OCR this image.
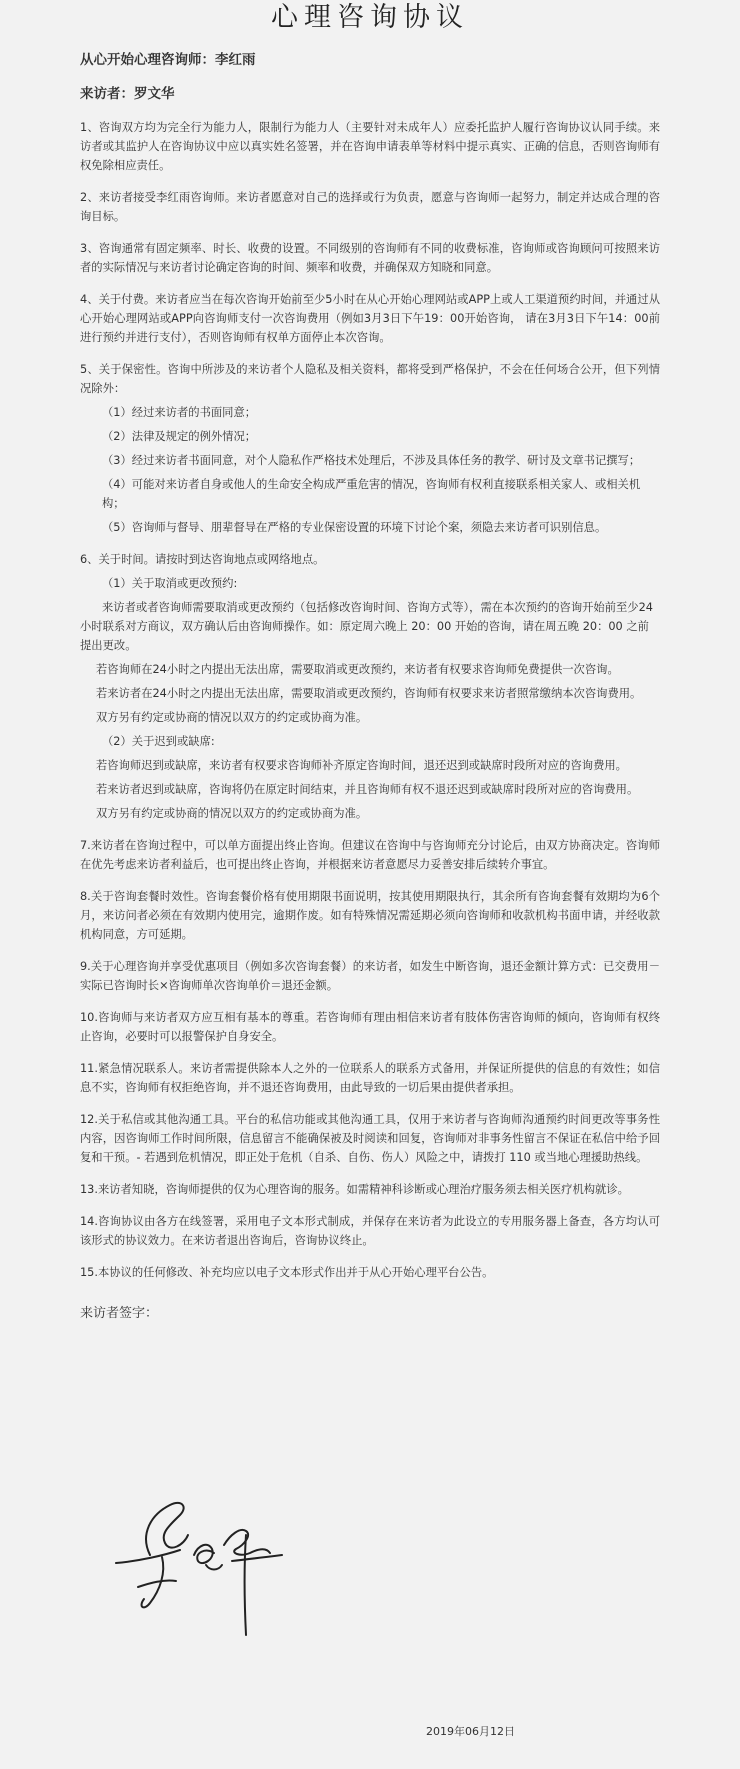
心理咨询协议
从心开始心理咨询师：李红雨
来访者：罗文华

1、咨询双方均为完全行为能力人，限制行为能力人（主要针对未成年人）应委托监护人履行咨询协议认同手续。来访者或其监护人在咨询协议中应以真实姓名签署，并在咨询申请表单等材料中提示真实、正确的信息，否则咨询师有权免除相应责任。

2、来访者接受李红雨咨询师。来访者愿意对自己的选择或行为负责，愿意与咨询师一起努力，制定并达成合理的咨询目标。

3、咨询通常有固定频率、时长、收费的设置。不同级别的咨询师有不同的收费标准，咨询师或咨询顾问可按照来访者的实际情况与来访者讨论确定咨询的时间、频率和收费，并确保双方知晓和同意。

4、关于付费。来访者应当在每次咨询开始前至少5小时在从心开始心理网站或APP上或人工渠道预约时间，并通过从心开始心理网站或APP向咨询师支付一次咨询费用（例如3月3日下午19：00开始咨询， 请在3月3日下午14：00前进行预约并进行支付），否则咨询师有权单方面停止本次咨询。

5、关于保密性。咨询中所涉及的来访者个人隐私及相关资料，都将受到严格保护，不会在任何场合公开，但下列情况除外：

（1）经过来访者的书面同意；
（2）法律及规定的例外情况；
（3）经过来访者书面同意，对个人隐私作严格技术处理后，不涉及具体任务的教学、研讨及文章书记撰写；
（4）可能对来访者自身或他人的生命安全构成严重危害的情况，咨询师有权利直接联系相关家人、或相关机构；
（5）咨询师与督导、朋辈督导在严格的专业保密设置的环境下讨论个案，须隐去来访者可识别信息。

6、关于时间。请按时到达咨询地点或网络地点。

（1）关于取消或更改预约:
来访者或者咨询师需要取消或更改预约（包括修改咨询时间、咨询方式等），需在本次预约的咨询开始前至少24小时联系对方商议，双方确认后由咨询师操作。如：原定周六晚上 20：00 开始的咨询，请在周五晚 20：00 之前提出更改。
若咨询师在24小时之内提出无法出席，需要取消或更改预约，来访者有权要求咨询师免费提供一次咨询。
若来访者在24小时之内提出无法出席，需要取消或更改预约，咨询师有权要求来访者照常缴纳本次咨询费用。
双方另有约定或协商的情况以双方的约定或协商为准。
（2）关于迟到或缺席:
若咨询师迟到或缺席，来访者有权要求咨询师补齐原定咨询时间，退还迟到或缺席时段所对应的咨询费用。
若来访者迟到或缺席，咨询将仍在原定时间结束，并且咨询师有权不退还迟到或缺席时段所对应的咨询费用。
双方另有约定或协商的情况以双方的约定或协商为准。

7.来访者在咨询过程中，可以单方面提出终止咨询。但建议在咨询中与咨询师充分讨论后，由双方协商决定。咨询师在优先考虑来访者利益后，也可提出终止咨询，并根据来访者意愿尽力妥善安排后续转介事宜。

8.关于咨询套餐时效性。咨询套餐价格有使用期限书面说明，按其使用期限执行，其余所有咨询套餐有效期均为6个月，来访问者必须在有效期内使用完，逾期作废。如有特殊情况需延期必须向咨询师和收款机构书面申请，并经收款机构同意，方可延期。

9.关于心理咨询并享受优惠项目（例如多次咨询套餐）的来访者，如发生中断咨询，退还金额计算方式：已交费用－实际已咨询时长×咨询师单次咨询单价＝退还金额。

10.咨询师与来访者双方应互相有基本的尊重。若咨询师有理由相信来访者有肢体伤害咨询师的倾向，咨询师有权终止咨询，必要时可以报警保护自身安全。

11.紧急情况联系人。来访者需提供除本人之外的一位联系人的联系方式备用，并保证所提供的信息的有效性；如信息不实，咨询师有权拒绝咨询，并不退还咨询费用，由此导致的一切后果由提供者承担。

12.关于私信或其他沟通工具。平台的私信功能或其他沟通工具，仅用于来访者与咨询师沟通预约时间更改等事务性内容，因咨询师工作时间所限，信息留言不能确保被及时阅读和回复，咨询师对非事务性留言不保证在私信中给予回复和干预。- 若遇到危机情况，即正处于危机（自杀、自伤、伤人）风险之中，请拨打 110 或当地心理援助热线。

13.来访者知晓，咨询师提供的仅为心理咨询的服务。如需精神科诊断或心理治疗服务须去相关医疗机构就诊。

14.咨询协议由各方在线签署，采用电子文本形式制成，并保存在来访者为此设立的专用服务器上备查，各方均认可该形式的协议效力。在来访者退出咨询后，咨询协议终止。

15.本协议的任何修改、补充均应以电子文本形式作出并于从心开始心理平台公告。

来访者签字：
2019年06月12日
